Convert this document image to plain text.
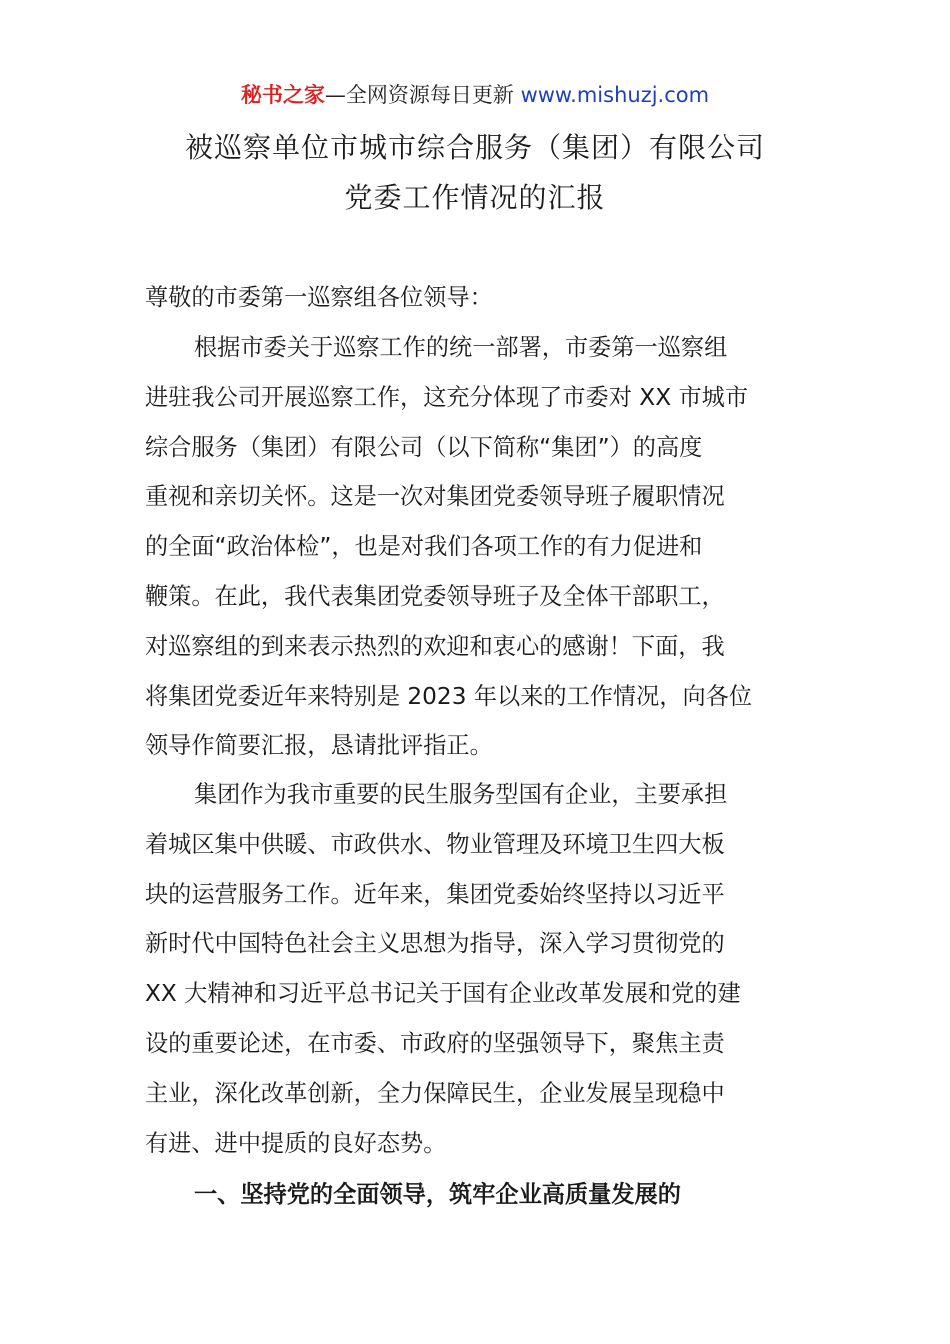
秘书之家—全网资源每日更新 www.mishuzj.com
被巡察单位市城市综合服务（集团）有限公司
党委工作情况的汇报
尊敬的市委第一巡察组各位领导：
根据市委关于巡察工作的统一部署，市委第一巡察组
进驻我公司开展巡察工作，这充分体现了市委对 XX 市城市
综合服务（集团）有限公司（以下简称“集团”）的高度
重视和亲切关怀。这是一次对集团党委领导班子履职情况
的全面“政治体检”，也是对我们各项工作的有力促进和
鞭策。在此，我代表集团党委领导班子及全体干部职工，
对巡察组的到来表示热烈的欢迎和衷心的感谢！下面，我
将集团党委近年来特别是 2023 年以来的工作情况，向各位
领导作简要汇报，恳请批评指正。
集团作为我市重要的民生服务型国有企业，主要承担
着城区集中供暖、市政供水、物业管理及环境卫生四大板
块的运营服务工作。近年来，集团党委始终坚持以习近平
新时代中国特色社会主义思想为指导，深入学习贯彻党的
XX 大精神和习近平总书记关于国有企业改革发展和党的建
设的重要论述，在市委、市政府的坚强领导下，聚焦主责
主业，深化改革创新，全力保障民生，企业发展呈现稳中
有进、进中提质的良好态势。
一、坚持党的全面领导，筑牢企业高质量发展的
